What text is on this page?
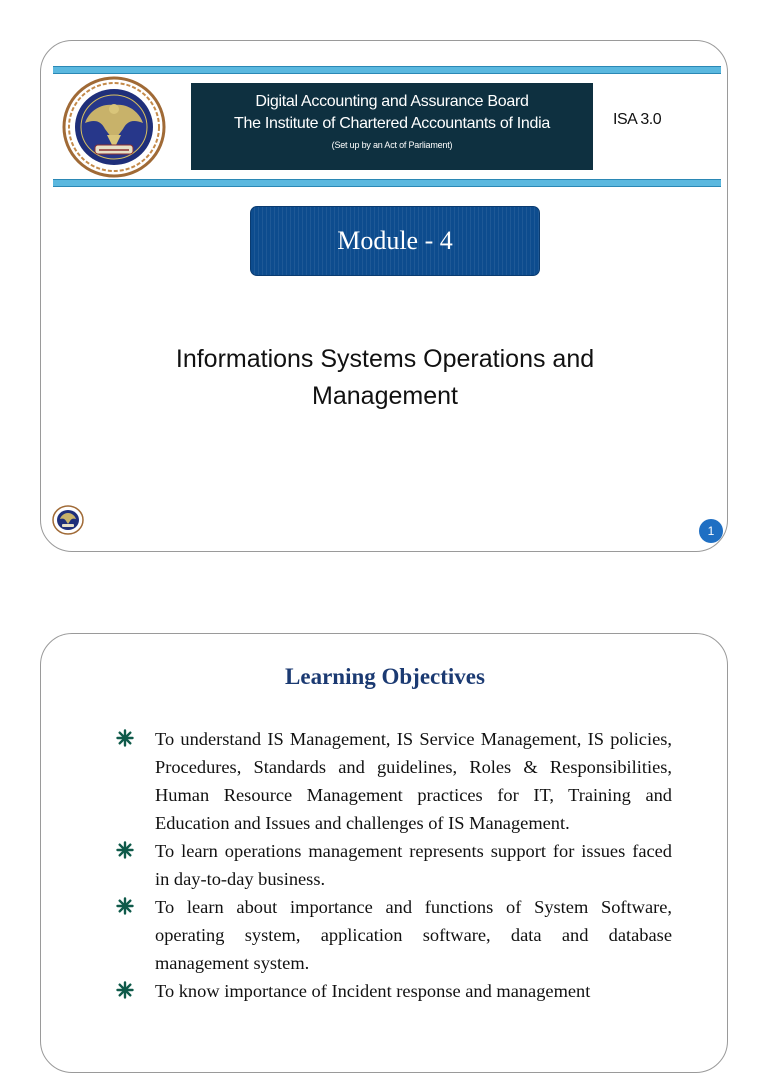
Digital Accounting and Assurance Board
The Institute of Chartered Accountants of India
(Set up by an Act of Parliament)
ISA 3.0
Module - 4
Informations Systems Operations and Management
1
Learning Objectives
To understand IS Management, IS Service Management, IS policies, Procedures, Standards and guidelines, Roles & Responsibilities, Human Resource Management practices for IT, Training and Education and Issues and challenges of IS Management.
To learn operations management represents support for issues faced in day-to-day business.
To learn about importance and functions of System Software, operating system, application software, data and database management system.
To know importance of Incident response and management
